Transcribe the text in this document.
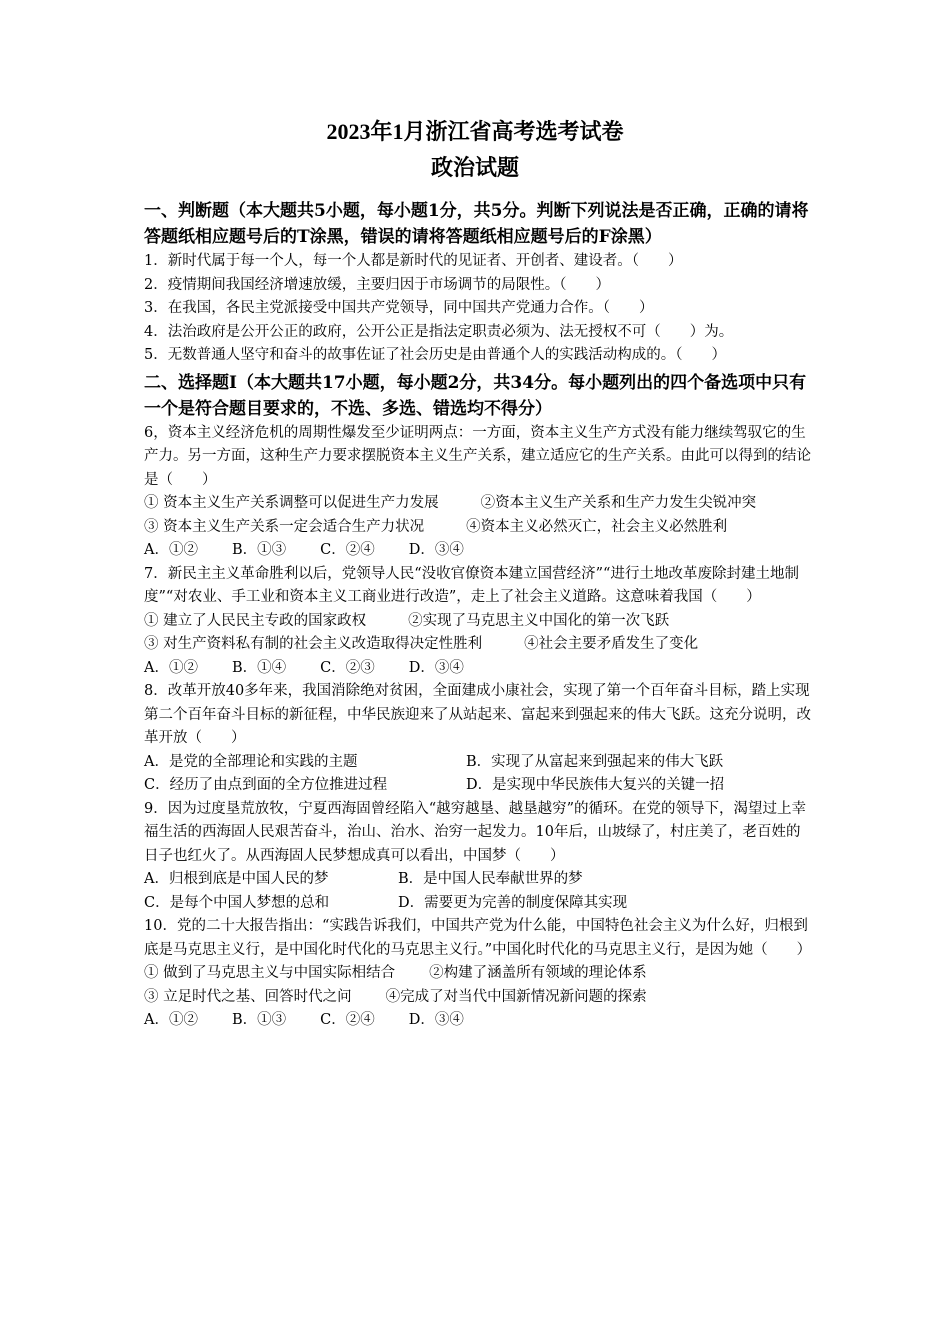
2023年1月浙江省高考选考试卷
政治试题

一、判断题（本大题共5小题，每小题1分，共5分。判断下列说法是否正确，正确的请将答题纸相应题号后的T涂黑，错误的请将答题纸相应题号后的F涂黑）

1．新时代属于每一个人，每一个人都是新时代的见证者、开创者、建设者。（　　）

2．疫情期间我国经济增速放缓，主要归因于市场调节的局限性。（　　）

3．在我国，各民主党派接受中国共产党领导，同中国共产党通力合作。（　　）

4．法治政府是公开公正的政府，公开公正是指法定职责必须为、法无授权不可（　　）为。

5．无数普通人坚守和奋斗的故事佐证了社会历史是由普通个人的实践活动构成的。（　　）

二、选择题Ⅰ（本大题共17小题，每小题2分，共34分。每小题列出的四个备选项中只有一个是符合题目要求的，不选、多选、错选均不得分）

6，资本主义经济危机的周期性爆发至少证明两点：一方面，资本主义生产方式没有能力继续驾驭它的生产力。另一方面，这种生产力要求摆脱资本主义生产关系，建立适应它的生产关系。由此可以得到的结论是（　　）

① 资本主义生产关系调整可以促进生产力发展	②资本主义生产关系和生产力发生尖锐冲突

③ 资本主义生产关系一定会适合生产力状况	④资本主义必然灭亡，社会主义必然胜利

A．①② B．①③ C．②④ D．③④

7．新民主主义革命胜利以后，党领导人民“没收官僚资本建立国营经济”“进行土地改革废除封建土地制度”“对农业、手工业和资本主义工商业进行改造”，走上了社会主义道路。这意味着我国（　　）

① 建立了人民民主专政的国家政权	②实现了马克思主义中国化的第一次飞跃

③ 对生产资料私有制的社会主义改造取得决定性胜利	④社会主要矛盾发生了变化

A．①② B．①④ C．②③ D．③④

8．改革开放40多年来，我国消除绝对贫困，全面建成小康社会，实现了第一个百年奋斗目标，踏上实现第二个百年奋斗目标的新征程，中华民族迎来了从站起来、富起来到强起来的伟大飞跃。这充分说明，改革开放（　　）

A．是党的全部理论和实践的主题	B．实现了从富起来到强起来的伟大飞跃
C．经历了由点到面的全方位推进过程	D．是实现中华民族伟大复兴的关键一招

9．因为过度垦荒放牧，宁夏西海固曾经陷入“越穷越垦、越垦越穷”的循环。在党的领导下，渴望过上幸福生活的西海固人民艰苦奋斗，治山、治水、治穷一起发力。10年后，山坡绿了，村庄美了，老百姓的日子也红火了。从西海固人民梦想成真可以看出，中国梦（　　）

A．归根到底是中国人民的梦	B．是中国人民奉献世界的梦
C．是每个中国人梦想的总和	D．需要更为完善的制度保障其实现

10．党的二十大报告指出：“实践告诉我们，中国共产党为什么能，中国特色社会主义为什么好，归根到底是马克思主义行，是中国化时代化的马克思主义行。”中国化时代化的马克思主义行，是因为她（　　）

① 做到了马克思主义与中国实际相结合 ②构建了涵盖所有领域的理论体系

③ 立足时代之基、回答时代之问 ④完成了对当代中国新情况新问题的探索

A．①② B．①③ C．②④ D．③④
